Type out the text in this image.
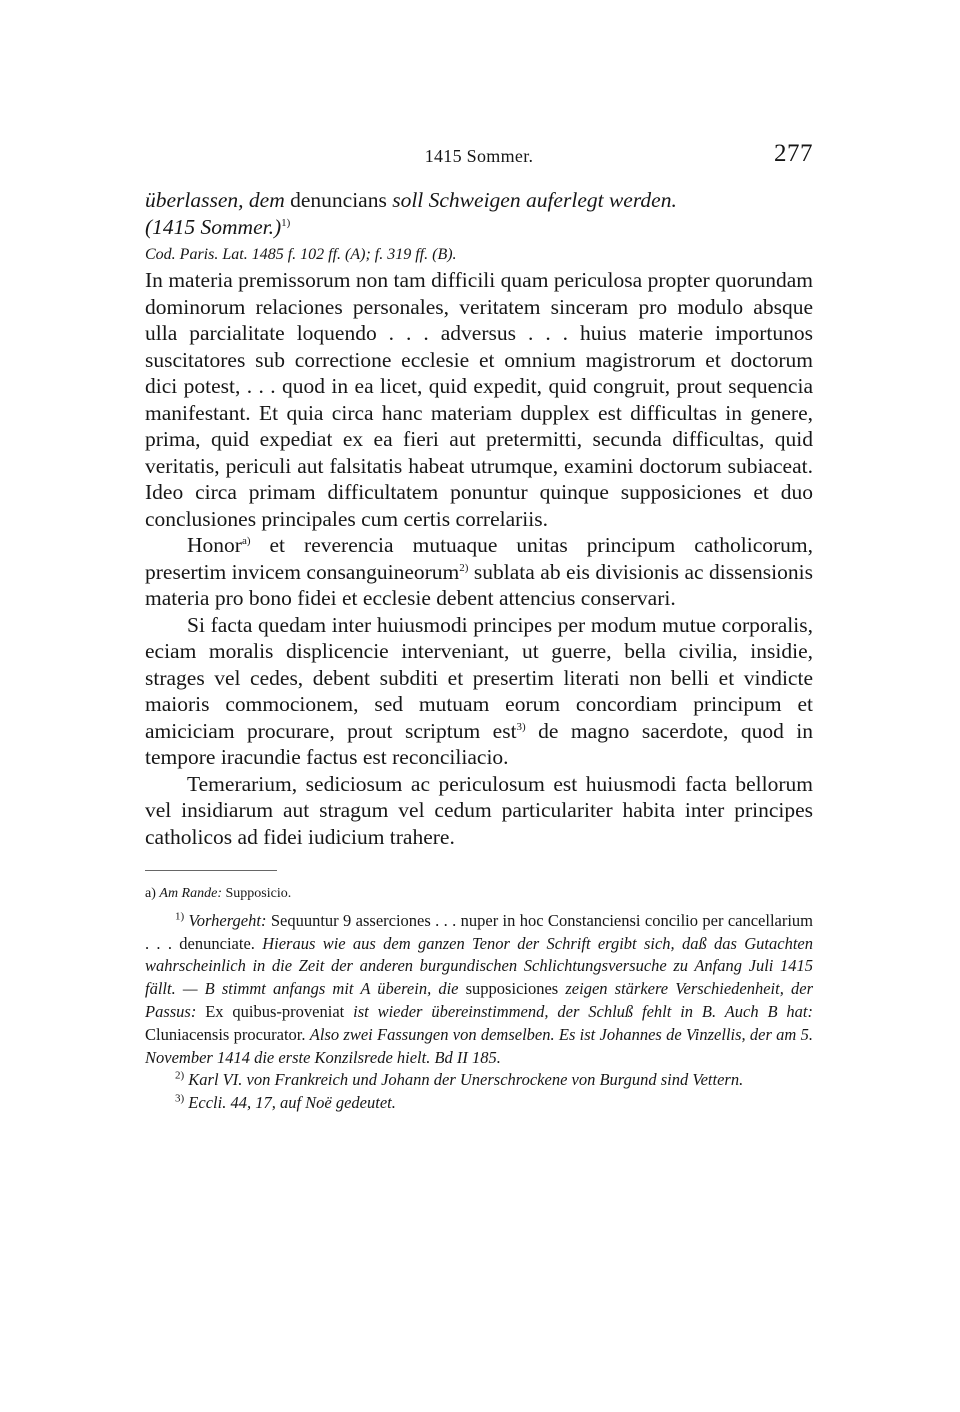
1415 Sommer.	277

überlassen, dem denuncians soll Schweigen auferlegt werden.
(1415 Sommer.)$^{1)}$

Cod. Paris. Lat. 1485 f. 102 ff. (A); f. 319 ff. (B).

In materia premissorum non tam difficili quam periculosa propter quorundam dominorum relaciones personales, veritatem sinceram pro modulo absque ulla parcialitate loquendo . . . adversus . . . huius materie importunos suscitatores sub correctione ecclesie et omnium magistrorum et doctorum dici potest, . . . quod in ea licet, quid expedit, quid congruit, prout sequencia manifestant. Et quia circa hanc materiam dupplex est difficultas in genere, prima, quid expediat ex ea fieri aut pretermitti, secunda difficultas, quid veritatis, periculi aut falsitatis habeat utrumque, examini doctorum subiaceat. Ideo circa primam difficultatem ponuntur quinque supposiciones et duo conclusiones principales cum certis correlariis.

Honor$^{a)}$ et reverencia mutuaque unitas principum catholicorum, presertim invicem consanguineorum$^{2)}$ sublata ab eis divisionis ac dissensionis materia pro bono fidei et ecclesie debent attencius conservari.

Si facta quedam inter huiusmodi principes per modum mutue corporalis, eciam moralis displicencie interveniant, ut guerre, bella civilia, insidie, strages vel cedes, debent subditi et presertim literati non belli et vindicte maioris commocionem, sed mutuam eorum concordiam principum et amiciciam procurare, prout scriptum est$^{3)}$ de magno sacerdote, quod in tempore iracundie factus est reconciliacio.

Temerarium, sediciosum ac periculosum est huiusmodi facta bellorum vel insidiarum aut stragum vel cedum particulariter habita inter principes catholicos ad fidei iudicium trahere.

a) Am Rande: Supposicio.

$^{1)}$ Vorhergeht: Sequuntur 9 asserciones . . . nuper in hoc Constanciensi concilio per cancellarium . . . denunciate. Hieraus wie aus dem ganzen Tenor der Schrift ergibt sich, daß das Gutachten wahrscheinlich in die Zeit der anderen burgundischen Schlichtungsversuche zu Anfang Juli 1415 fällt. — B stimmt anfangs mit A überein, die supposiciones zeigen stärkere Verschiedenheit, der Passus: Ex quibus-proveniat ist wieder übereinstimmend, der Schluß fehlt in B. Auch B hat: Cluniacensis procurator. Also zwei Fassungen von demselben. Es ist Johannes de Vinzellis, der am 5. November 1414 die erste Konzilsrede hielt. Bd II 185.

$^{2)}$ Karl VI. von Frankreich und Johann der Unerschrockene von Burgund sind Vettern.

$^{3)}$ Eccli. 44, 17, auf Noë gedeutet.
